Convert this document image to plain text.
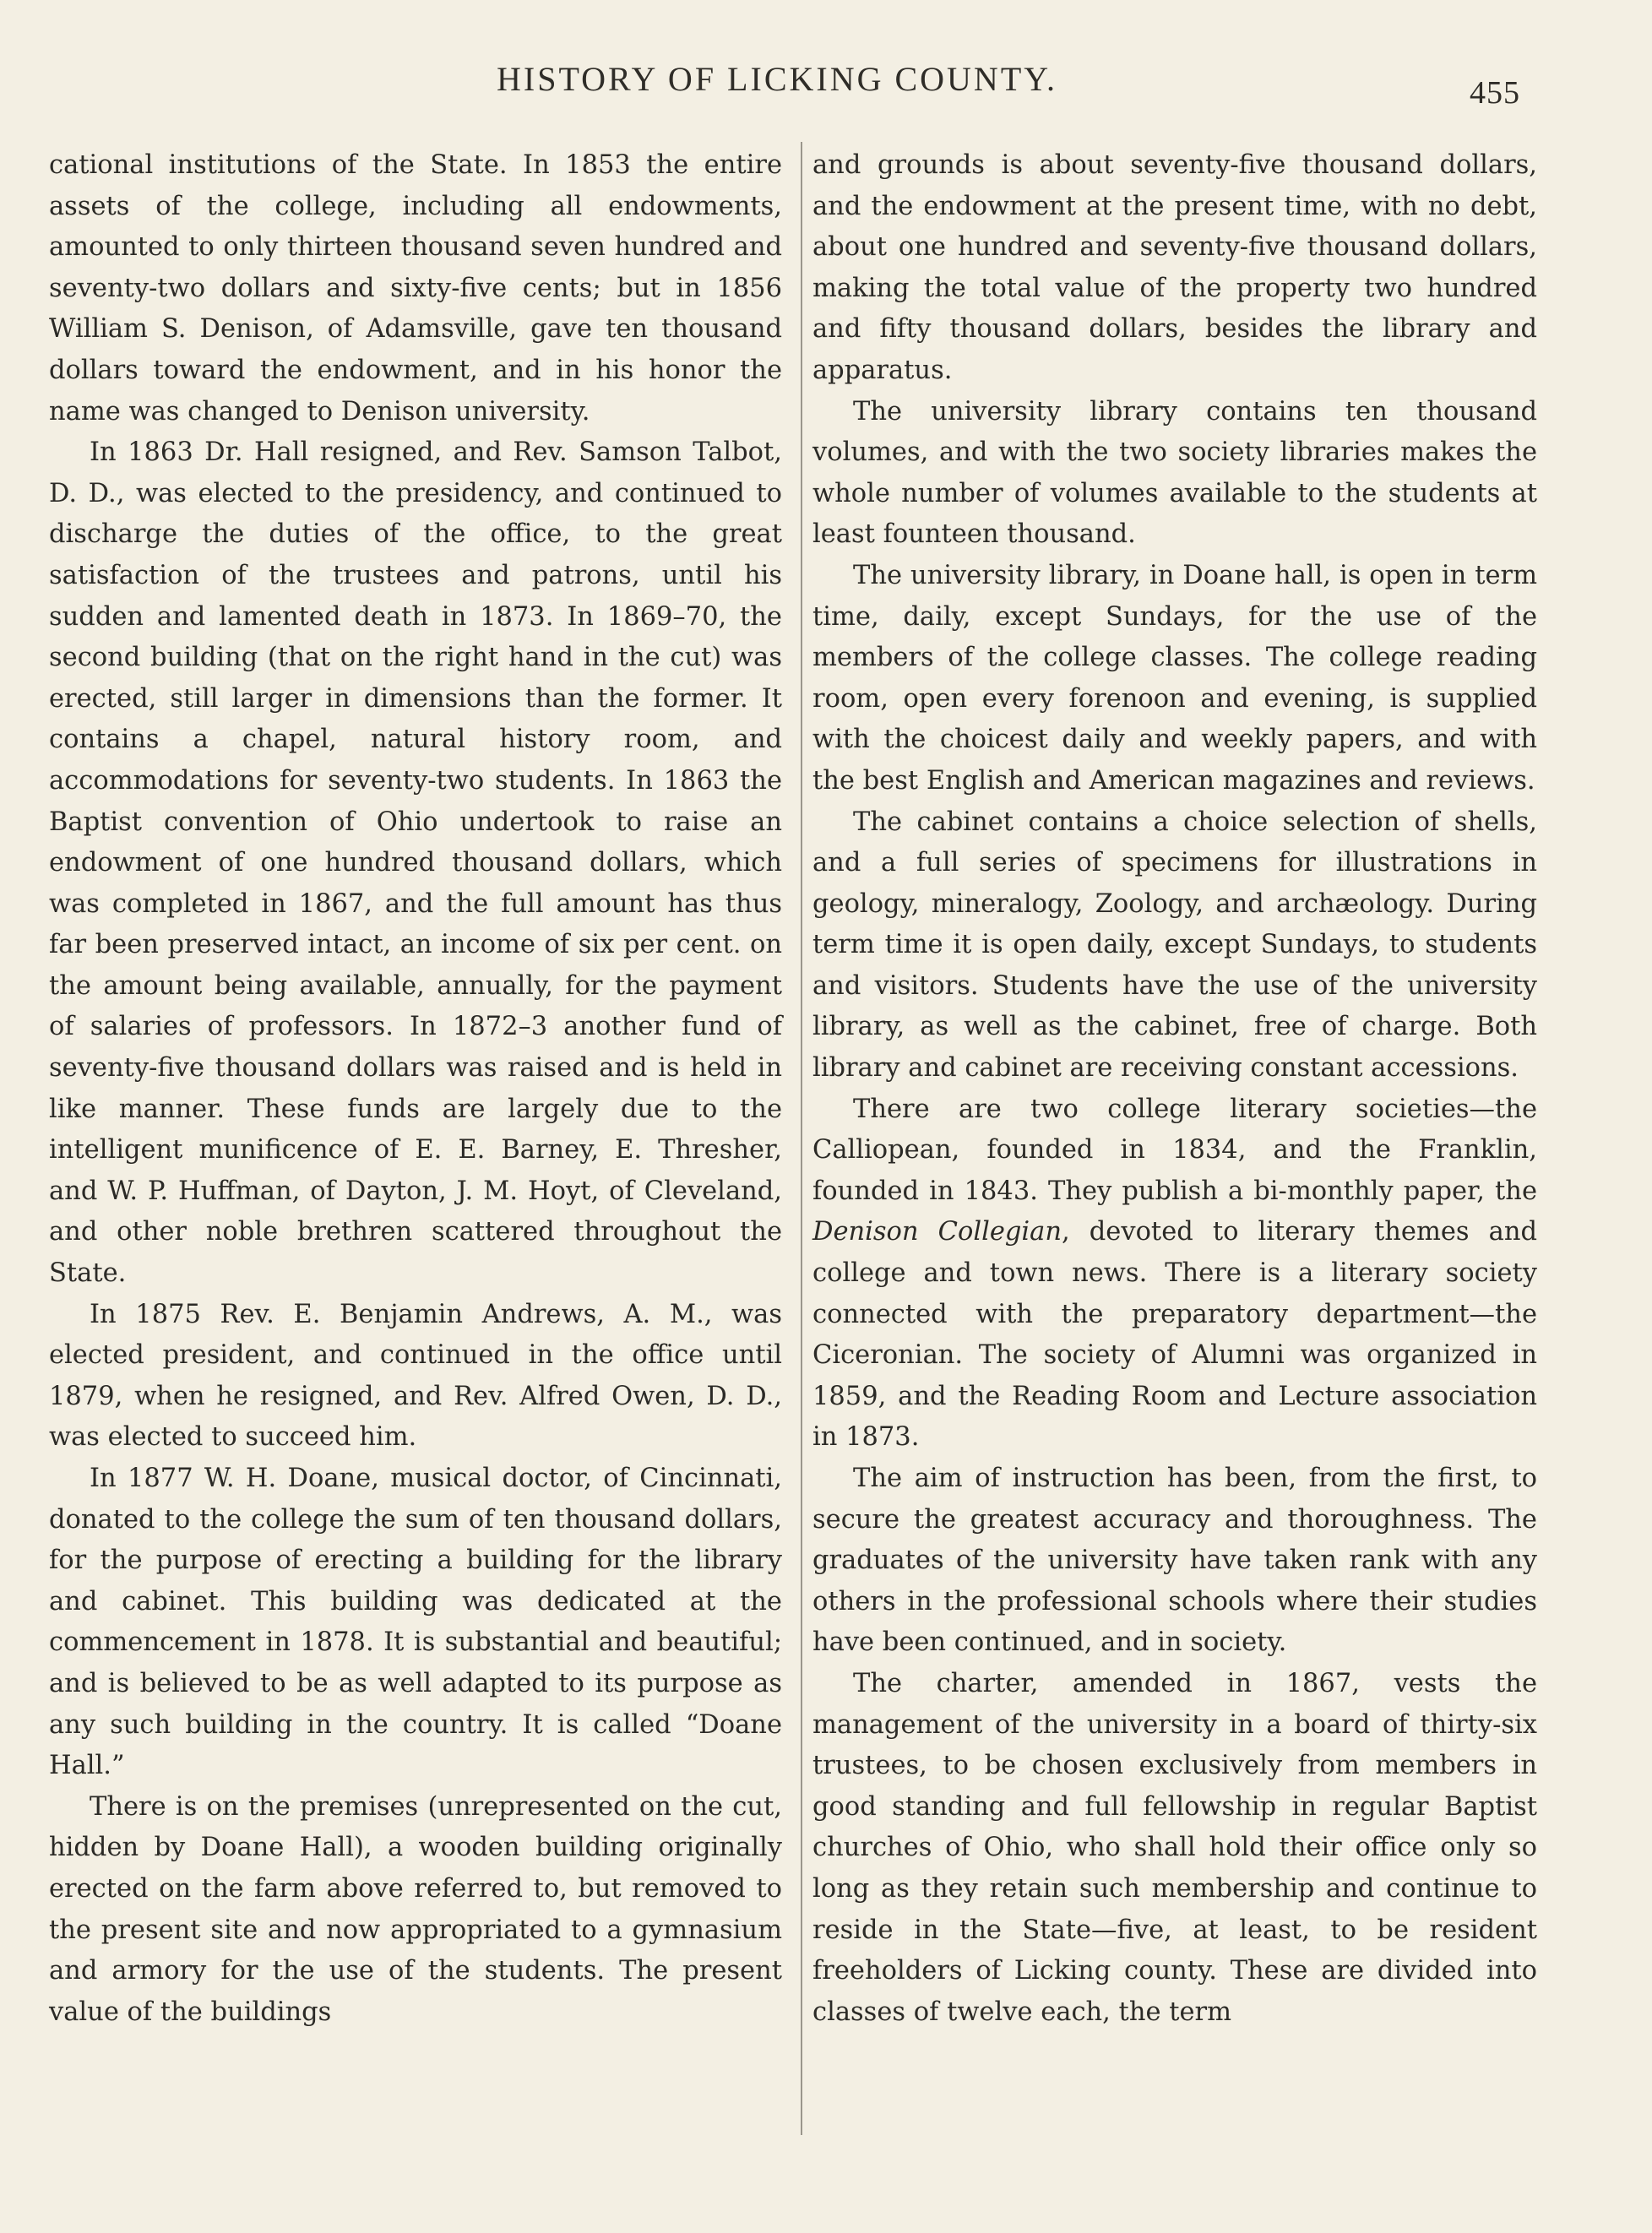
HISTORY OF LICKING COUNTY.	455

cational institutions of the State. In 1853 the entire assets of the college, including all endowments, amounted to only thirteen thousand seven hundred and seventy-two dollars and sixty-five cents; but in 1856 William S. Denison, of Adamsville, gave ten thousand dollars toward the endowment, and in his honor the name was changed to Denison university.

In 1863 Dr. Hall resigned, and Rev. Samson Talbot, D. D., was elected to the presidency, and continued to discharge the duties of the office, to the great satisfaction of the trustees and patrons, until his sudden and lamented death in 1873. In 1869–70, the second building (that on the right hand in the cut) was erected, still larger in dimensions than the former. It contains a chapel, natural history room, and accommodations for seventy-two students. In 1863 the Baptist convention of Ohio undertook to raise an endowment of one hundred thousand dollars, which was completed in 1867, and the full amount has thus far been preserved intact, an income of six per cent. on the amount being available, annually, for the payment of salaries of professors. In 1872–3 another fund of seventy-five thousand dollars was raised and is held in like manner. These funds are largely due to the intelligent munificence of E. E. Barney, E. Thresher, and W. P. Huffman, of Dayton, J. M. Hoyt, of Cleveland, and other noble brethren scattered throughout the State.

In 1875 Rev. E. Benjamin Andrews, A. M., was elected president, and continued in the office until 1879, when he resigned, and Rev. Alfred Owen, D. D., was elected to succeed him.

In 1877 W. H. Doane, musical doctor, of Cincinnati, donated to the college the sum of ten thousand dollars, for the purpose of erecting a building for the library and cabinet. This building was dedicated at the commencement in 1878. It is substantial and beautiful; and is believed to be as well adapted to its purpose as any such building in the country. It is called “Doane Hall.”

There is on the premises (unrepresented on the cut, hidden by Doane Hall), a wooden building originally erected on the farm above referred to, but removed to the present site and now appropriated to a gymnasium and armory for the use of the students. The present value of the buildings

and grounds is about seventy-five thousand dollars, and the endowment at the present time, with no debt, about one hundred and seventy-five thousand dollars, making the total value of the property two hundred and fifty thousand dollars, besides the library and apparatus.

The university library contains ten thousand volumes, and with the two society libraries makes the whole number of volumes available to the students at least founteen thousand.

The university library, in Doane hall, is open in term time, daily, except Sundays, for the use of the members of the college classes. The college reading room, open every forenoon and evening, is supplied with the choicest daily and weekly papers, and with the best English and American magazines and reviews.

The cabinet contains a choice selection of shells, and a full series of specimens for illustrations in geology, mineralogy, Zoology, and archæology. During term time it is open daily, except Sundays, to students and visitors. Students have the use of the university library, as well as the cabinet, free of charge. Both library and cabinet are receiving constant accessions.

There are two college literary societies—the Calliopean, founded in 1834, and the Franklin, founded in 1843. They publish a bi-monthly paper, the Denison Collegian, devoted to literary themes and college and town news. There is a literary society connected with the preparatory department—the Ciceronian. The society of Alumni was organized in 1859, and the Reading Room and Lecture association in 1873.

The aim of instruction has been, from the first, to secure the greatest accuracy and thoroughness. The graduates of the university have taken rank with any others in the professional schools where their studies have been continued, and in society.

The charter, amended in 1867, vests the management of the university in a board of thirty-six trustees, to be chosen exclusively from members in good standing and full fellowship in regular Baptist churches of Ohio, who shall hold their office only so long as they retain such membership and continue to reside in the State—five, at least, to be resident freeholders of Licking county. These are divided into classes of twelve each, the term
